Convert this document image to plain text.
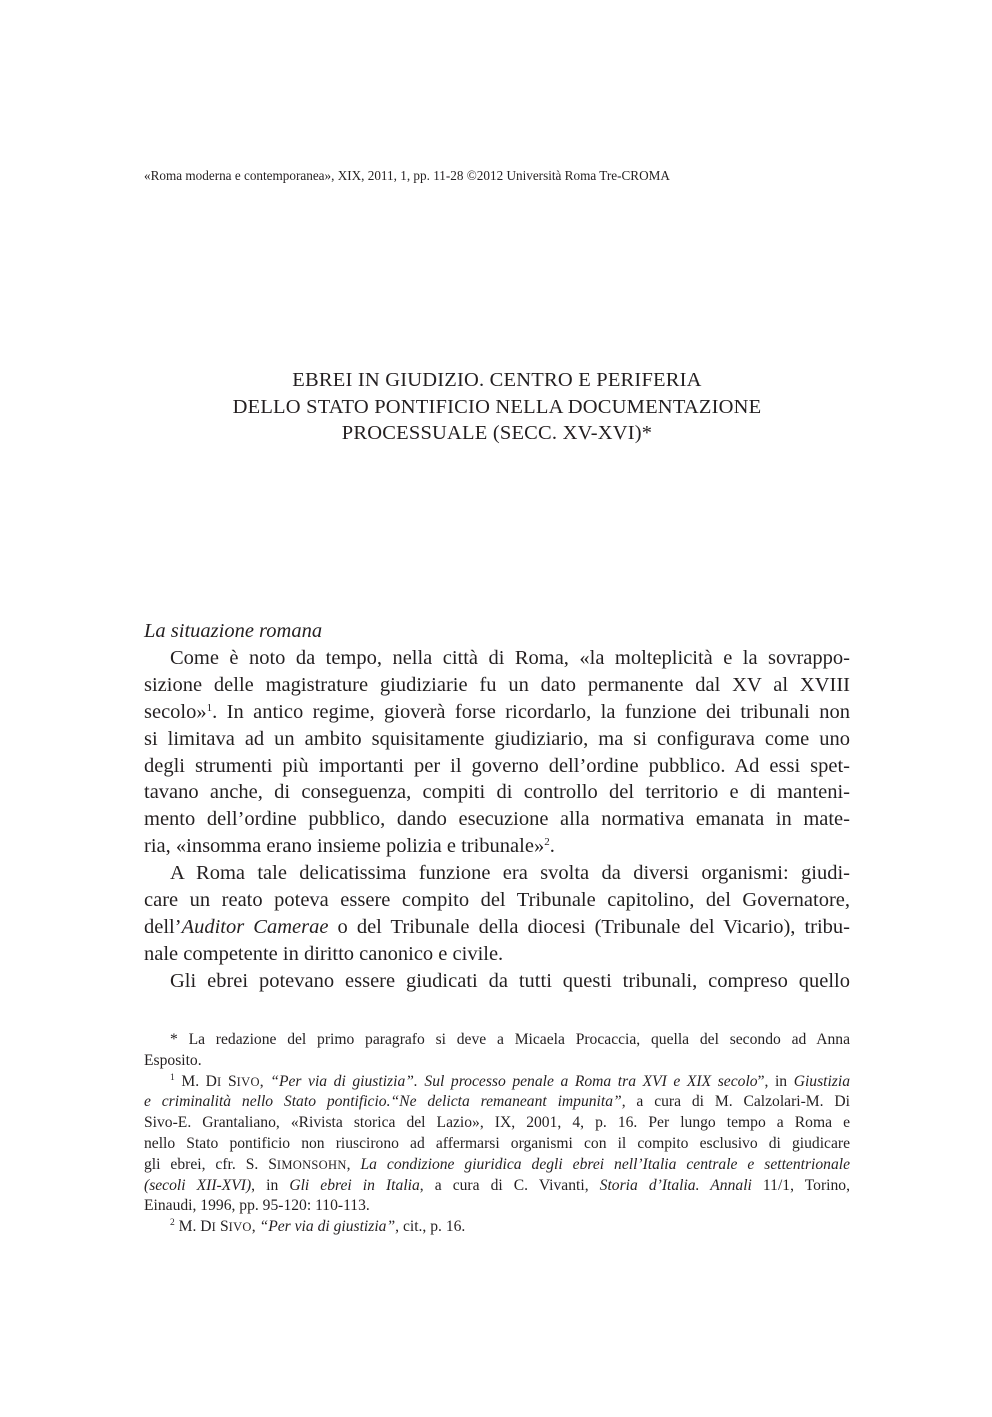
«Roma moderna e contemporanea», XIX, 2011, 1, pp. 11-28 ©2012 Università Roma Tre-CROMA
EBREI IN GIUDIZIO. CENTRO E PERIFERIA
DELLO STATO PONTIFICIO NELLA DOCUMENTAZIONE
PROCESSUALE (SECC. XV-XVI)*
La situazione romana
Come è noto da tempo, nella città di Roma, «la molteplicità e la sovrappo-
sizione delle magistrature giudiziarie fu un dato permanente dal XV al XVIII
secolo»$^1$. In antico regime, gioverà forse ricordarlo, la funzione dei tribunali non
si limitava ad un ambito squisitamente giudiziario, ma si configurava come uno
degli strumenti più importanti per il governo dell’ordine pubblico. Ad essi spet-
tavano anche, di conseguenza, compiti di controllo del territorio e di manteni-
mento dell’ordine pubblico, dando esecuzione alla normativa emanata in mate-
ria, «insomma erano insieme polizia e tribunale»$^2$.
A Roma tale delicatissima funzione era svolta da diversi organismi: giudi-
care un reato poteva essere compito del Tribunale capitolino, del Governatore,
dell’Auditor Camerae o del Tribunale della diocesi (Tribunale del Vicario), tribu-
nale competente in diritto canonico e civile.
Gli ebrei potevano essere giudicati da tutti questi tribunali, compreso quello
* La redazione del primo paragrafo si deve a Micaela Procaccia, quella del secondo ad Anna
Esposito.
$^1$ M. DI SIVO, “Per via di giustizia”. Sul processo penale a Roma tra XVI e XIX secolo”, in Giustizia
e criminalità nello Stato pontificio.“Ne delicta remaneant impunita”, a cura di M. Calzolari-M. Di
Sivo-E. Grantaliano, «Rivista storica del Lazio», IX, 2001, 4, p. 16. Per lungo tempo a Roma e
nello Stato pontificio non riuscirono ad affermarsi organismi con il compito esclusivo di giudicare
gli ebrei, cfr. S. SIMONSOHN, La condizione giuridica degli ebrei nell’Italia centrale e settentrionale
(secoli XII-XVI), in Gli ebrei in Italia, a cura di C. Vivanti, Storia d’Italia. Annali 11/1, Torino,
Einaudi, 1996, pp. 95-120: 110-113.
$^2$ M. DI SIVO, “Per via di giustizia”, cit., p. 16.
